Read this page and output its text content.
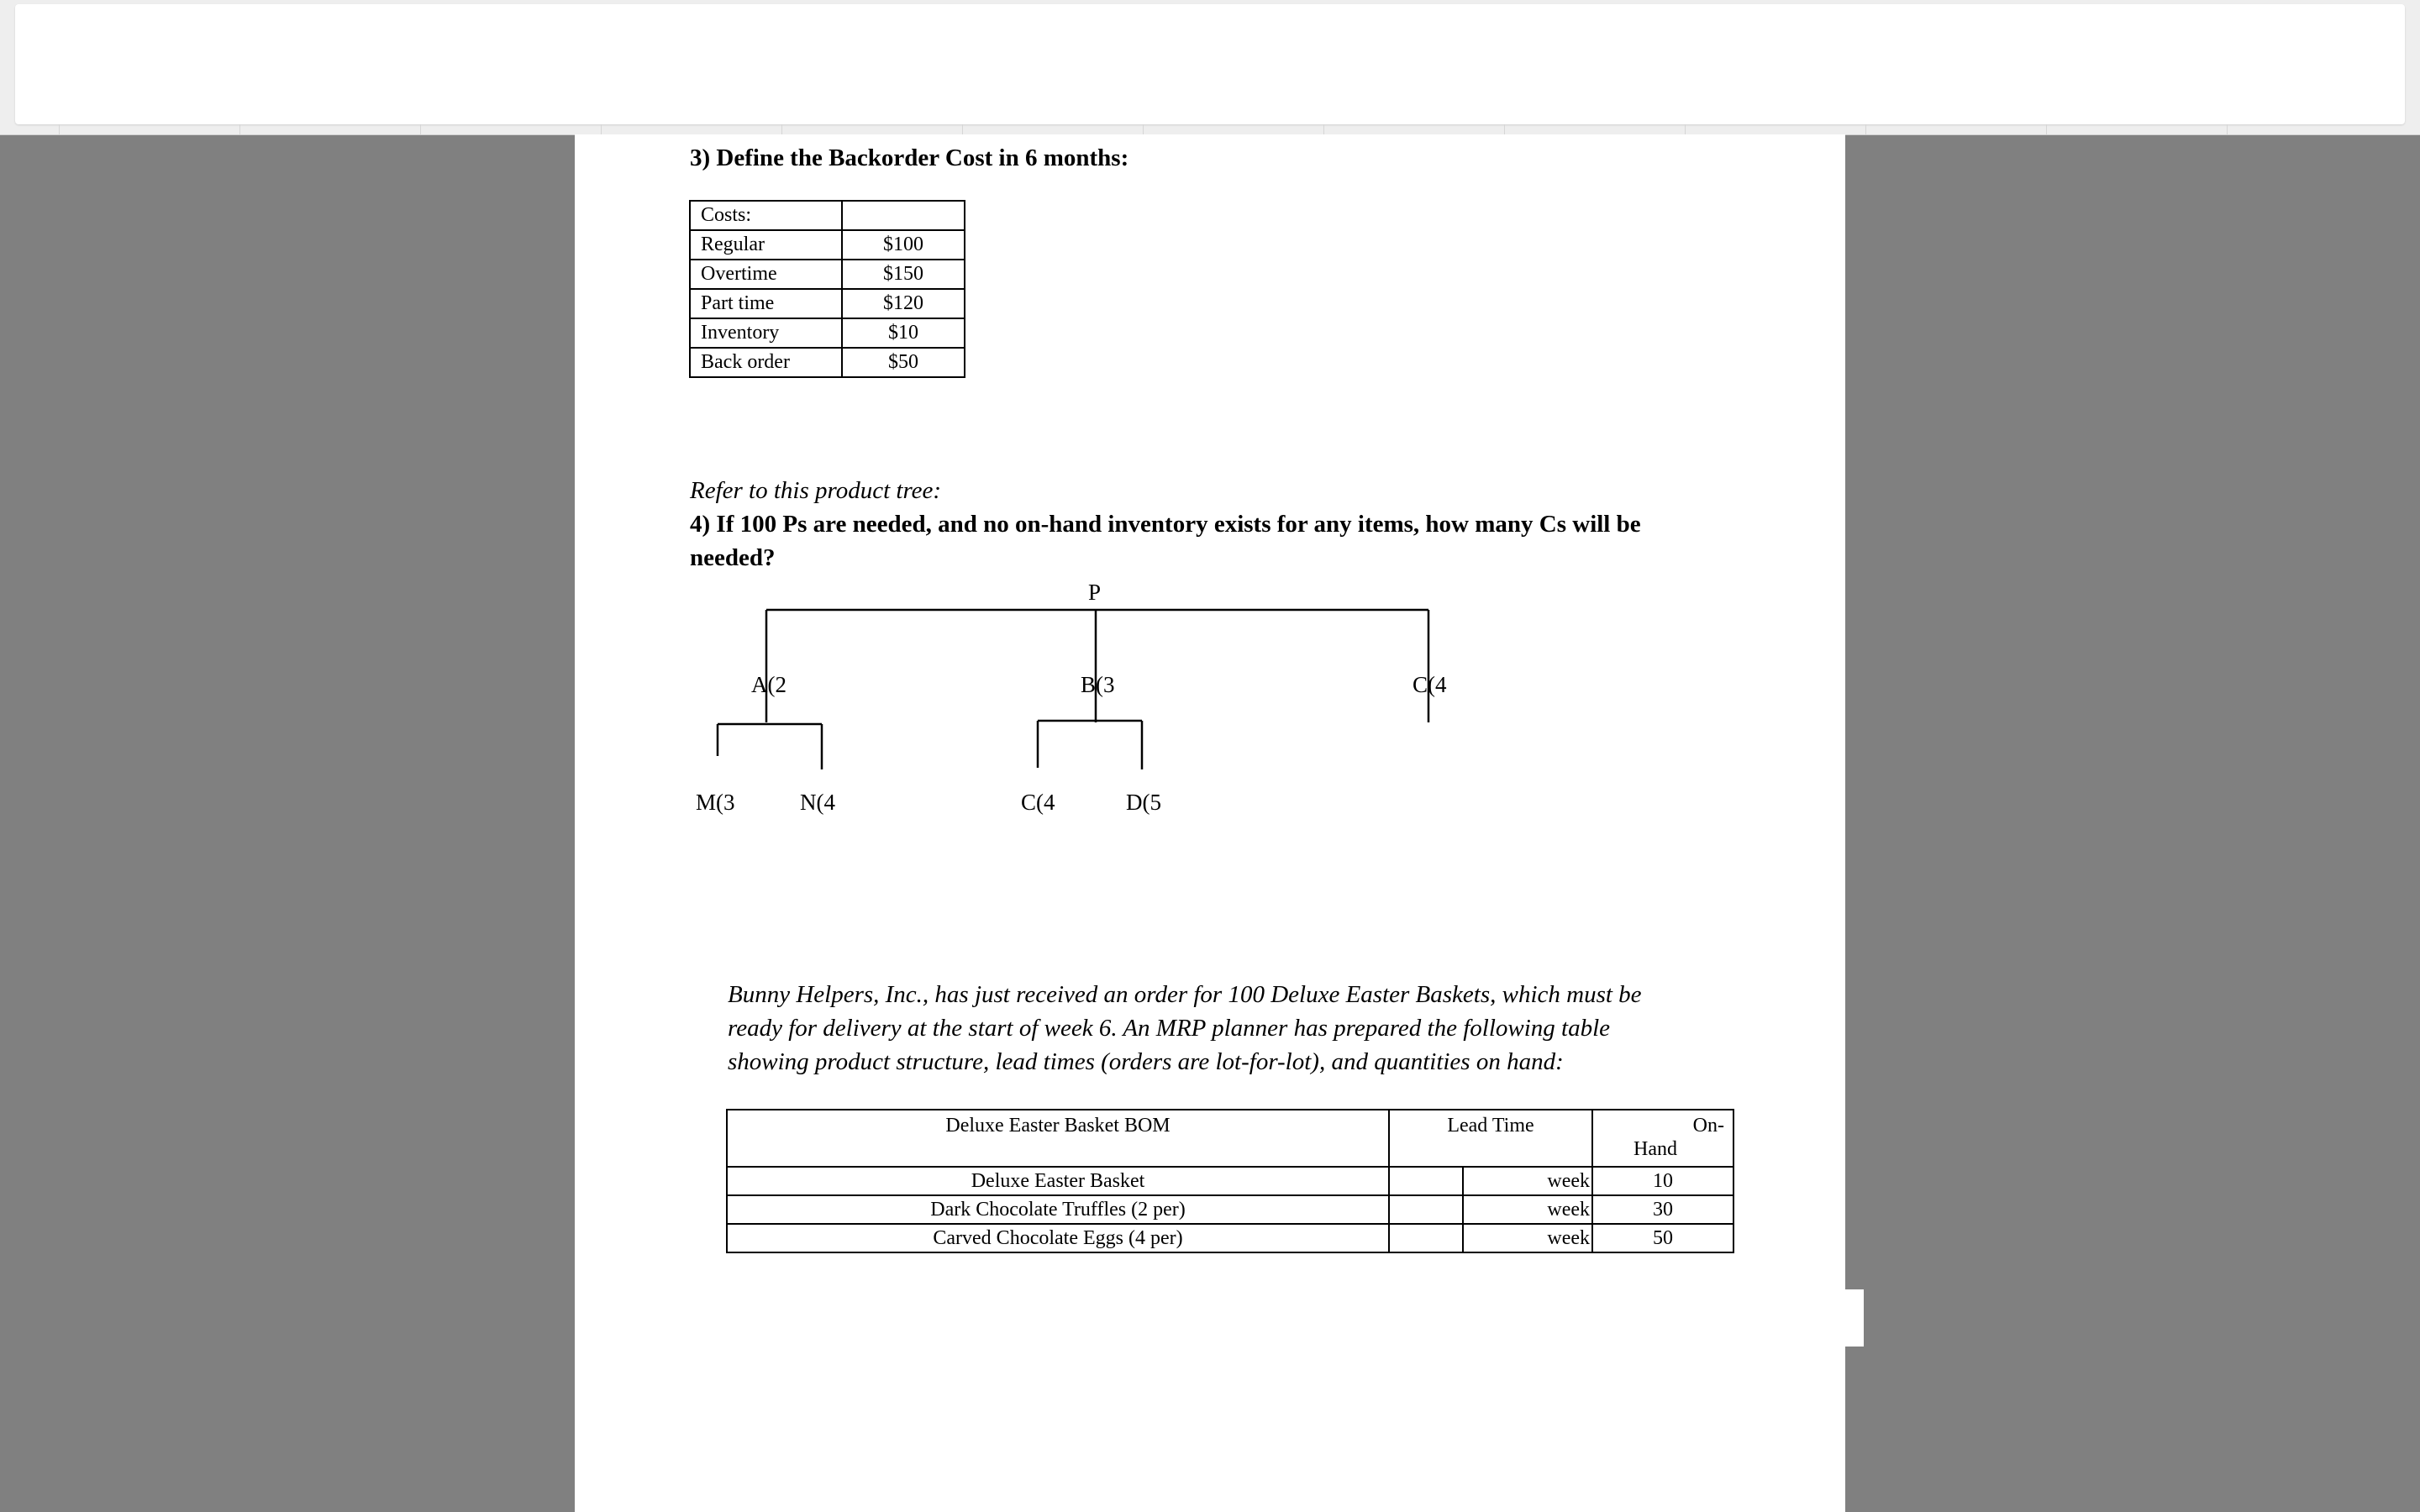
3) Define the Backorder Cost in 6 months:
Costs:	
Regular	$100
Overtime	$150
Part time	$120
Inventory	$10
Back order	$50
Refer to this product tree:
4) If 100 Ps are needed, and no on-hand inventory exists for any items, how many Cs will be
needed?
P
A(2	B(3	C(4
M(3	N(4	C(4	D(5
Bunny Helpers, Inc., has just received an order for 100 Deluxe Easter Baskets, which must be
ready for delivery at the start of week 6. An MRP planner has prepared the following table
showing product structure, lead times (orders are lot-for-lot), and quantities on hand:
Deluxe Easter Basket BOM	Lead Time		On-
Hand

Deluxe Easter Basket		week	10
Dark Chocolate Truffles (2 per)		week	30
Carved Chocolate Eggs (4 per)		week	50
